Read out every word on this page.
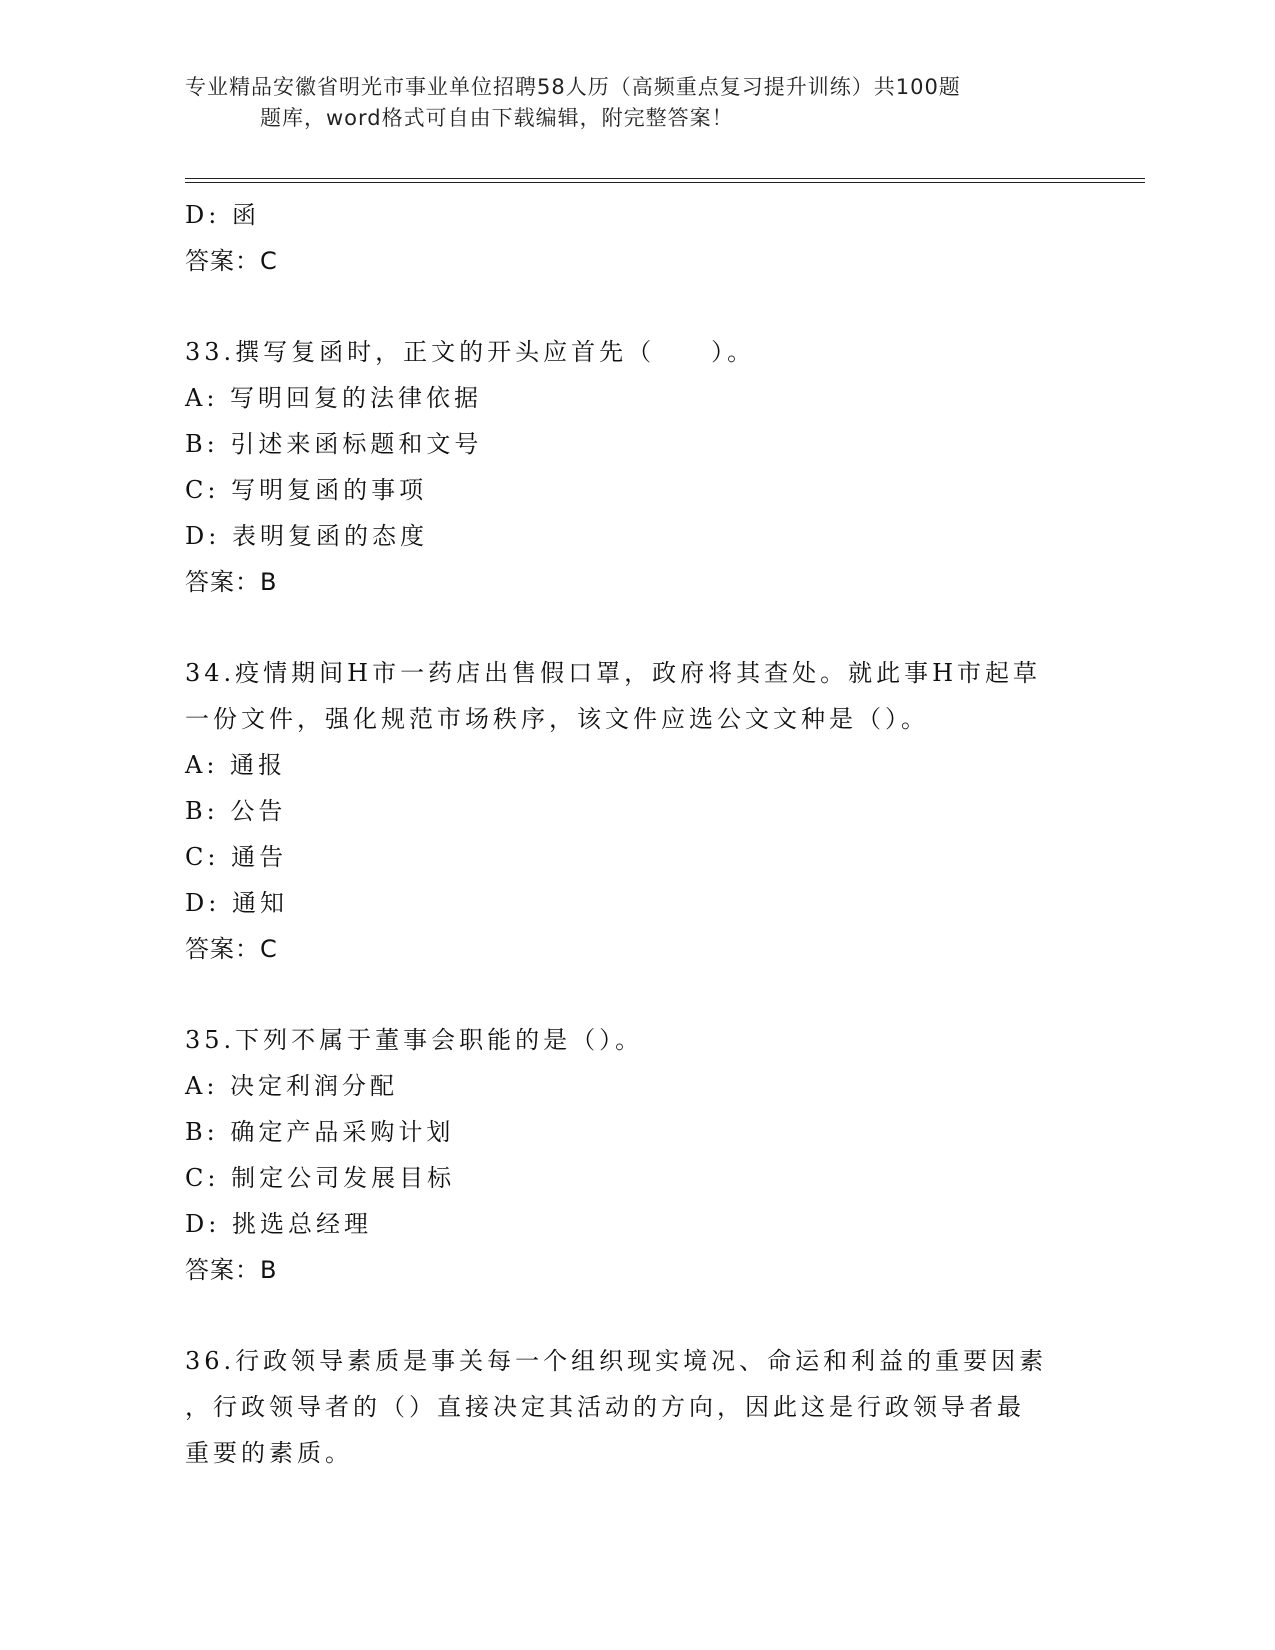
专业精品安徽省明光市事业单位招聘58人历（高频重点复习提升训练）共100题
题库，word格式可自由下载编辑，附完整答案！
D: 函
答案：C
33.撰写复函时，正文的开头应首先（　　）。
A: 写明回复的法律依据
B: 引述来函标题和文号
C: 写明复函的事项
D: 表明复函的态度
答案：B
34.疫情期间H市一药店出售假口罩，政府将其查处。就此事H市起草
一份文件，强化规范市场秩序，该文件应选公文文种是（）。
A: 通报
B: 公告
C: 通告
D: 通知
答案：C
35.下列不属于董事会职能的是（）。
A: 决定利润分配
B: 确定产品采购计划
C: 制定公司发展目标
D: 挑选总经理
答案：B
36.行政领导素质是事关每一个组织现实境况、命运和利益的重要因素
，行政领导者的（）直接决定其活动的方向，因此这是行政领导者最
重要的素质。
